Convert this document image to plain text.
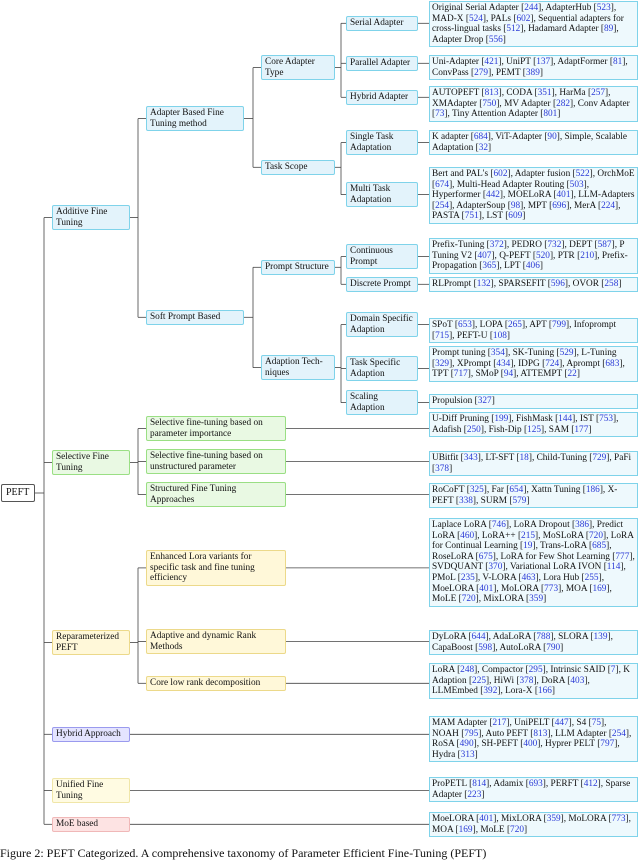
PEFT
Additive Fine Tuning
Selective Fine Tuning
Reparameterized PEFT
Hybrid Approach
Unified Fine Tuning
MoE based
Adapter Based Fine Tuning method
Soft Prompt Based
Core Adapter Type
Task Scope
Prompt Structure
Adaption Tech- niques
Serial Adapter
Parallel Adapter
Hybrid Adapter
Single Task Adaptation
Multi Task Adaptation
Continuous Prompt
Discrete Prompt
Domain Specific Adaption
Task Specific Adaption
Scaling Adaption
Selective fine-tuning based on parameter importance
Selective fine-tuning based on unstructured parameter
Structured Fine Tuning Approaches
Enhanced Lora variants for specific task and fine tuning efficiency
Adaptive and dynamic Rank Methods
Core low rank decomposition
Original Serial Adapter [244], AdapterHub [523], MAD-X [524], PALs [602], Sequential adapters for cross-lingual tasks [512], Hadamard Adapter [89], Adapter Drop [556]
Uni-Adapter [421], UniPT [137], AdaptFormer [81], ConvPass [279], PEMT [389]
AUTOPEFT [813], CODA [351], HarMa [257], XMAdapter [750], MV Adapter [282], Conv Adapter [73], Tiny Attention Adapter [801]
K adapter [684], ViT-Adapter [90], Simple, Scalable Adaptation [32]
Bert and PAL's [602], Adapter fusion [522], OrchMoE [674], Multi-Head Adapter Routing [503], Hyperformer [442], MOELoRA [401], LLM-Adapters [254], AdapterSoup [98], MPT [696], MerA [224], PASTA [751], LST [609]
Prefix-Tuning [372], PEDRO [732], DEPT [587], P Tuning V2 [407], Q-PEFT [520], PTR [210], Prefix-Propagation [365], LPT [406]
RLPrompt [132], SPARSEFIT [596], OVOR [258]
SPoT [653], LOPA [265], APT [799], Infoprompt [715], PEFT-U [108]
Prompt tuning [354], SK-Tuning [529], L-Tuning [329], XPrompt [434], IDPG [724], Aprompt [683], TPT [717], SMoP [94], ATTEMPT [22]
Propulsion [327]
U-Diff Pruning [199], FishMask [144], IST [753], Adafish [250], Fish-Dip [125], SAM [177]
UBitfit [343], LT-SFT [18], Child-Tuning [729], PaFi [378]
RoCoFT [325], Far [654], Xattn Tuning [186], X-PEFT [338], SURM [579]
Laplace LoRA [746], LoRA Dropout [386], Predict LoRA [460], LoRA++ [215], MoSLoRA [720], LoRA for Continual Learning [19], Trans-LoRA [685], RoseLoRA [675], LoRA for Few Shot Learning [777], SVDQUANT [370], Variational LoRA IVON [114], PMoL [235], V-LORA [463], Lora Hub [255], MoeLORA [401], MoLORA [773], MOA [169], MoLE [720], MixLORA [359]
DyLoRA [644], AdaLoRA [788], SLORA [139], CapaBoost [598], AutoLoRA [790]
LoRA [248], Compactor [295], Intrinsic SAID [7], K Adaption [225], HiWi [378], DoRA [403], LLMEmbed [392], Lora-X [166]
MAM Adapter [217], UniPELT [447], S4 [75], NOAH [795], Auto PEFT [813], LLM Adapter [254], RoSA [490], SH-PEFT [400], Hyprer PELT [797], Hydra [313]
ProPETL [814], Adamix [693], PERFT [412], Sparse Adapter [223]
MoeLORA [401], MixLORA [359], MoLORA [773], MOA [169], MoLE [720]
Figure 2: PEFT Categorized. A comprehensive taxonomy of Parameter Efficient Fine-Tuning (PEFT)
